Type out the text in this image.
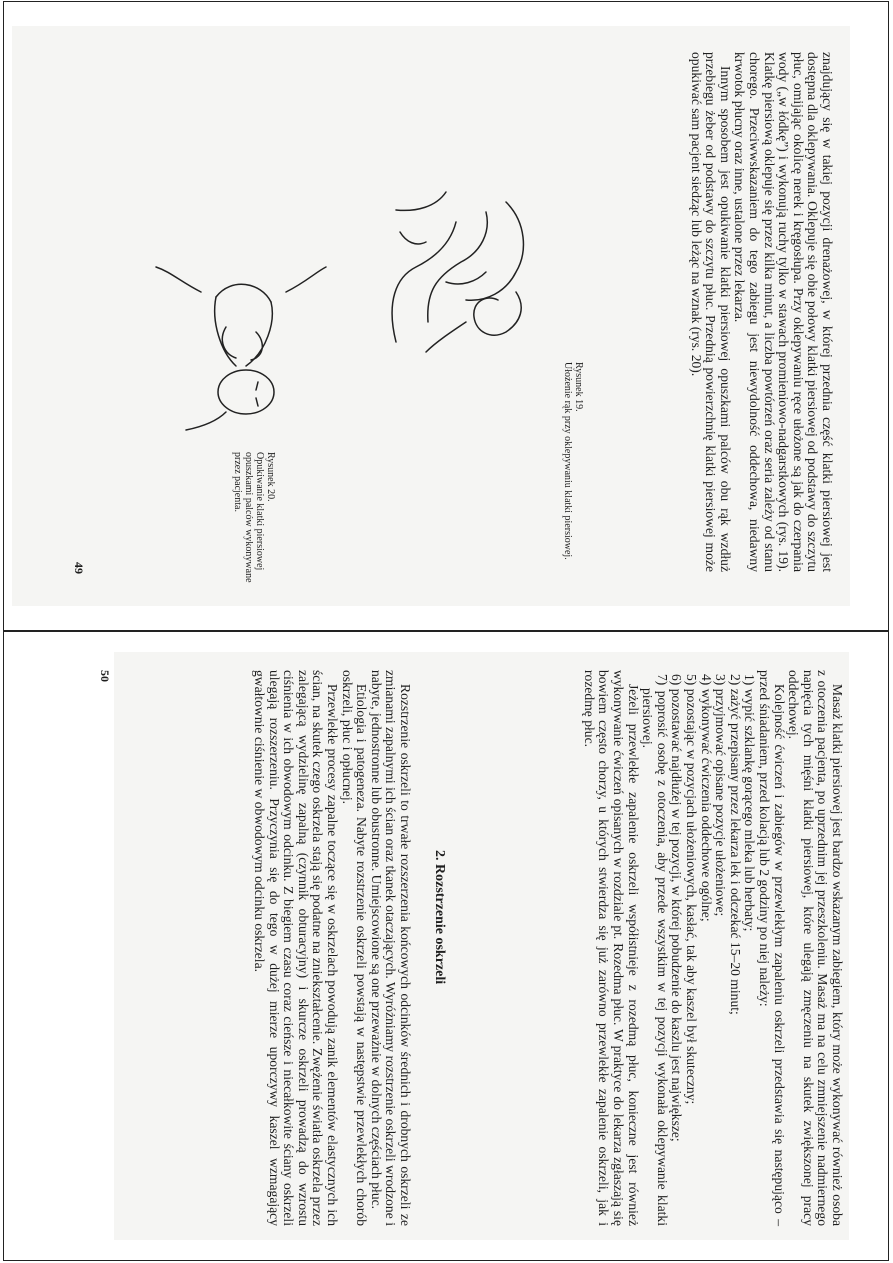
znajdujący się w takiej pozycji drenażowej, w której przednia część klatki piersiowej jest dostępna dla oklepywania. Oklepuje się obie połowy klatki piersiowej od podstawy do szczytu płuc, omijając okolicę nerek i kręgosłupa. Przy oklepywaniu ręce ułożone są jak do czerpania wody („w łódkę”) i wykonują ruchy tylko w stawach promieniowo-nadgarstkowych (rys. 19). Klatkę piersiową oklepuje się przez kilka minut, a liczba powtórzeń oraz seria zależy od stanu chorego. Przeciwwskazaniem do tego zabiegu jest niewydolność oddechowa, niedawny krwotok płucny oraz inne, ustalone przez lekarza.

Innym sposobem jest opukiwanie klatki piersiowej opuszkami palców obu rąk wzdłuż przebiegu żeber od podstawy do szczytu płuc. Przednią powierzchnię klatki piersiowej może opukiwać sam pacjent siedząc lub leżąc na wznak (rys. 20).

Rysunek 19.
Ułożenie rąk przy oklepywaniu klatki piersiowej.
Rysunek 20.
Opukiwanie klatki piersiowej opuszkami palców wykonywane przez pacjenta.
49

Masaż klatki piersiowej jest bardzo wskazanym zabiegiem, który może wykonywać również osoba z otoczenia pacjenta, po uprzednim jej przeszkoleniu. Masaż ma na celu zmniejszenie nadmiernego napięcia tych mięśni klatki piersiowej, które ulegają zmęczeniu na skutek zwiększonej pracy oddechowej.

Kolejność ćwiczeń i zabiegów w przewlekłym zapaleniu oskrzeli przedstawia się następująco – przed śniadaniem, przed kolacją lub 2 godziny po niej należy:

1) wypić szklankę gorącego mleka lub herbaty;
2) zażyć przepisany przez lekarza lek i odczekać 15–20 minut;
3) przyjmować opisane pozycje ułożeniowe;
4) wykonywać ćwiczenia oddechowe ogólne;
5) pozostając w pozycjach ułożeniowych, kasłać, tak aby kaszel był skuteczny;
6) pozostawać najdłużej w tej pozycji, w której pobudzenie do kaszlu jest największe;
7) poprosić osobę z otoczenia, aby przede wszystkim w tej pozycji wykonała oklepywanie klatki piersiowej.

Jeżeli przewlekłe zapalenie oskrzeli współistnieje z rozedmą płuc, konieczne jest również wykonywanie ćwiczeń opisanych w rozdziale pt. Rozedma płuc. W praktyce do lekarza zgłaszają się bowiem często chorzy, u których stwierdza się już zarówno przewlekłe zapalenie oskrzeli, jak i rozedmę płuc.

2. Rozstrzenie oskrzeli

Rozstrzenie oskrzeli to trwałe rozszerzenia końcowych odcinków średnich i drobnych oskrzeli ze zmianami zapalnymi ich ścian oraz tkanek otaczających. Wyróżniamy rozstrzenie oskrzeli wrodzone i nabyte, jednostronne lub obustronne. Umiejscowione są one przeważnie w dolnych częściach płuc.

Etiologia i patogeneza. Nabyte rozstrzenie oskrzeli powstają w następstwie przewlekłych chorób oskrzeli, płuc i opłucnej.

Przewlekłe procesy zapalne toczące się w oskrzelach powodują zanik elementów elastycznych ich ścian, na skutek czego oskrzela stają się podatne na zniekształcenie. Zwężenie światła oskrzela przez zalegającą wydzielinę zapalną (czynnik obturacyjny) i skurcze oskrzeli prowadzą do wzrostu ciśnienia w ich obwodowym odcinku. Z biegiem czasu coraz cieńsze i niecałkowite ściany oskrzeli ulegają rozszerzeniu. Przyczynia się do tego w dużej mierze uporczywy kaszel wzmagający gwałtownie ciśnienie w obwodowym odcinku oskrzela.

50
